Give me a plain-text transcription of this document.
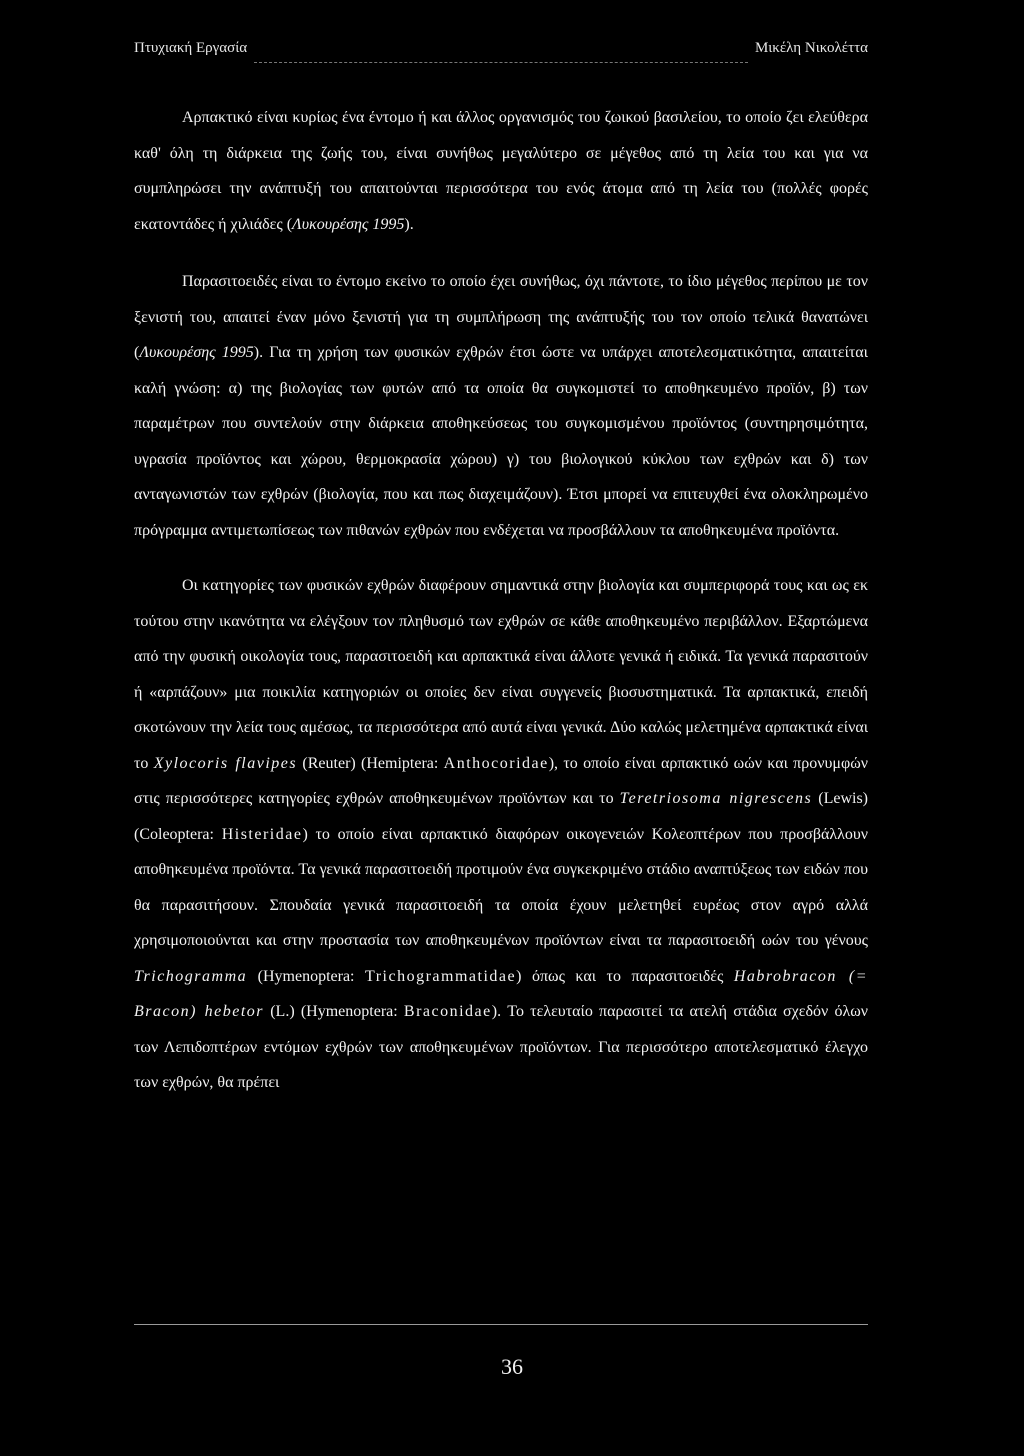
Πτυχιακή Εργασία	Μικέλη Νικολέττα

Αρπακτικό είναι κυρίως ένα έντομο ή και άλλος οργανισμός του ζωικού βασιλείου, το οποίο ζει ελεύθερα καθ' όλη τη διάρκεια της ζωής του, είναι συνήθως μεγαλύτερο σε μέγεθος από τη λεία του και για να συμπληρώσει την ανάπτυξή του απαιτούνται περισσότερα του ενός άτομα από τη λεία του (πολλές φορές εκατοντάδες ή χιλιάδες (Λυκουρέσης 1995).

Παρασιτοειδές είναι το έντομο εκείνο το οποίο έχει συνήθως, όχι πάντοτε, το ίδιο μέγεθος περίπου με τον ξενιστή του, απαιτεί έναν μόνο ξενιστή για τη συμπλήρωση της ανάπτυξής του τον οποίο τελικά θανατώνει (Λυκουρέσης 1995). Για τη χρήση των φυσικών εχθρών έτσι ώστε να υπάρχει αποτελεσματικότητα, απαιτείται καλή γνώση: α) της βιολογίας των φυτών από τα οποία θα συγκομιστεί το αποθηκευμένο προϊόν, β) των παραμέτρων που συντελούν στην διάρκεια αποθηκεύσεως του συγκομισμένου προϊόντος (συντηρησιμότητα, υγρασία προϊόντος και χώρου, θερμοκρασία χώρου) γ) του βιολογικού κύκλου των εχθρών και δ) των ανταγωνιστών των εχθρών (βιολογία, που και πως διαχειμάζουν). Έτσι μπορεί να επιτευχθεί ένα ολοκληρωμένο πρόγραμμα αντιμετωπίσεως των πιθανών εχθρών που ενδέχεται να προσβάλλουν τα αποθηκευμένα προϊόντα.

Οι κατηγορίες των φυσικών εχθρών διαφέρουν σημαντικά στην βιολογία και συμπεριφορά τους και ως εκ τούτου στην ικανότητα να ελέγξουν τον πληθυσμό των εχθρών σε κάθε αποθηκευμένο περιβάλλον. Εξαρτώμενα από την φυσική οικολογία τους, παρασιτοειδή και αρπακτικά είναι άλλοτε γενικά ή ειδικά. Τα γενικά παρασιτούν ή «αρπάζουν» μια ποικιλία κατηγοριών οι οποίες δεν είναι συγγενείς βιοσυστηματικά. Τα αρπακτικά, επειδή σκοτώνουν την λεία τους αμέσως, τα περισσότερα από αυτά είναι γενικά. Δύο καλώς μελετημένα αρπακτικά είναι το Xylocoris flavipes (Reuter) (Hemiptera: Anthocoridae), το οποίο είναι αρπακτικό ωών και προνυμφών στις περισσότερες κατηγορίες εχθρών αποθηκευμένων προϊόντων και το Teretriosoma nigrescens (Lewis) (Coleoptera: Histeridae) το οποίο είναι αρπακτικό διαφόρων οικογενειών Κολεοπτέρων που προσβάλλουν αποθηκευμένα προϊόντα. Τα γενικά παρασιτοειδή προτιμούν ένα συγκεκριμένο στάδιο αναπτύξεως των ειδών που θα παρασιτήσουν. Σπουδαία γενικά παρασιτοειδή τα οποία έχουν μελετηθεί ευρέως στον αγρό αλλά χρησιμοποιούνται και στην προστασία των αποθηκευμένων προϊόντων είναι τα παρασιτοειδή ωών του γένους Trichogramma (Hymenoptera: Trichogrammatidae) όπως και το παρασιτοειδές Habrobracon (= Bracon) hebetor (L.) (Hymenoptera: Braconidae). Το τελευταίο παρασιτεί τα ατελή στάδια σχεδόν όλων των Λεπιδοπτέρων εντόμων εχθρών των αποθηκευμένων προϊόντων. Για περισσότερο αποτελεσματικό έλεγχο των εχθρών, θα πρέπει

36
